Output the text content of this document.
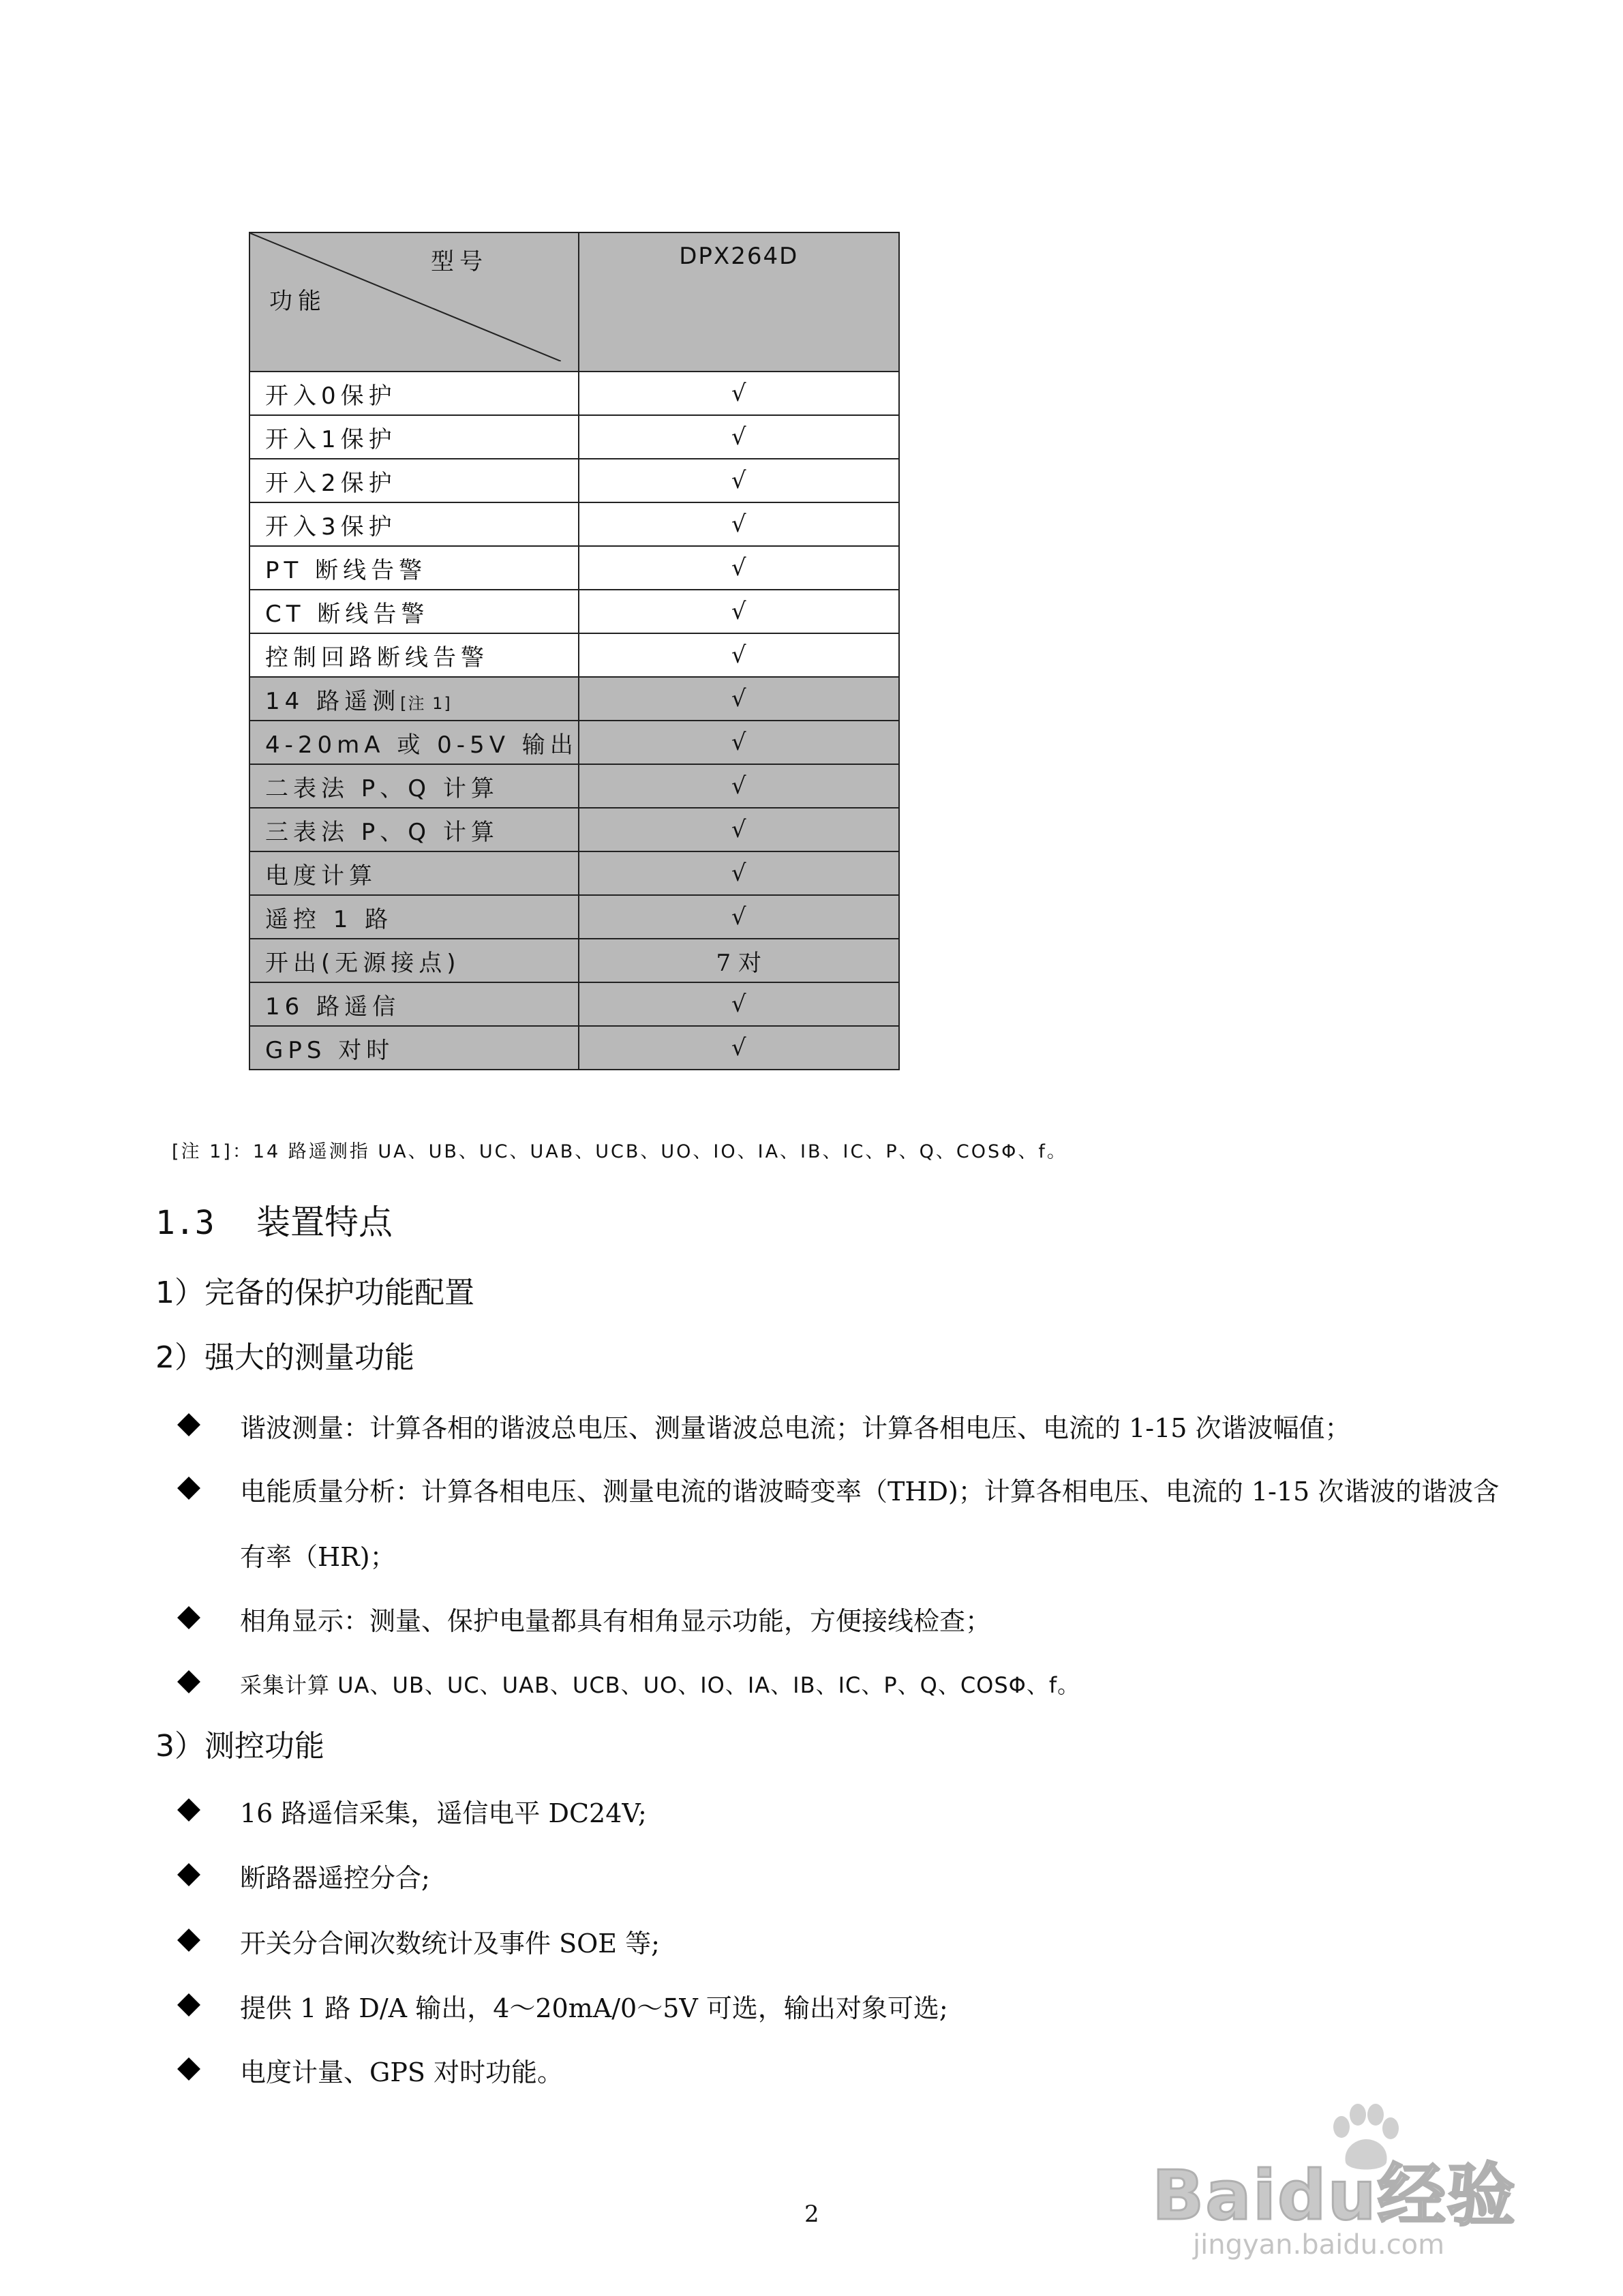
型号
功能	DPX264D
开入0保护	√
开入1保护	√
开入2保护	√
开入3保护	√
PT 断线告警	√
CT 断线告警	√
控制回路断线告警	√
14 路遥测[注 1]	√
4-20mA 或 0-5V 输出	√
二表法 P、Q 计算	√
三表法 P、Q 计算	√
电度计算	√
遥控 1 路	√
开出(无源接点)	7 对
16 路遥信	√
GPS 对时	√
[注 1]：14 路遥测指 UA、UB、UC、UAB、UCB、UO、IO、IA、IB、IC、P、Q、COSΦ、f。
1.3 装置特点
1）完备的保护功能配置
2）强大的测量功能
谐波测量：计算各相的谐波总电压、测量谐波总电流；计算各相电压、电流的 1-15 次谐波幅值；
电能质量分析：计算各相电压、测量电流的谐波畸变率（THD)；计算各相电压、电流的 1-15 次谐波的谐波含有率（HR)；
相角显示：测量、保护电量都具有相角显示功能，方便接线检查；
采集计算 UA、UB、UC、UAB、UCB、UO、IO、IA、IB、IC、P、Q、COSΦ、f。
3）测控功能
16 路遥信采集，遥信电平 DC24V;
断路器遥控分合;
开关分合闸次数统计及事件 SOE 等;
提供 1 路 D/A 输出，4～20mA/0～5V 可选，输出对象可选;
电度计量、GPS 对时功能。
2	Baidu经验
jingyan.baidu.com
